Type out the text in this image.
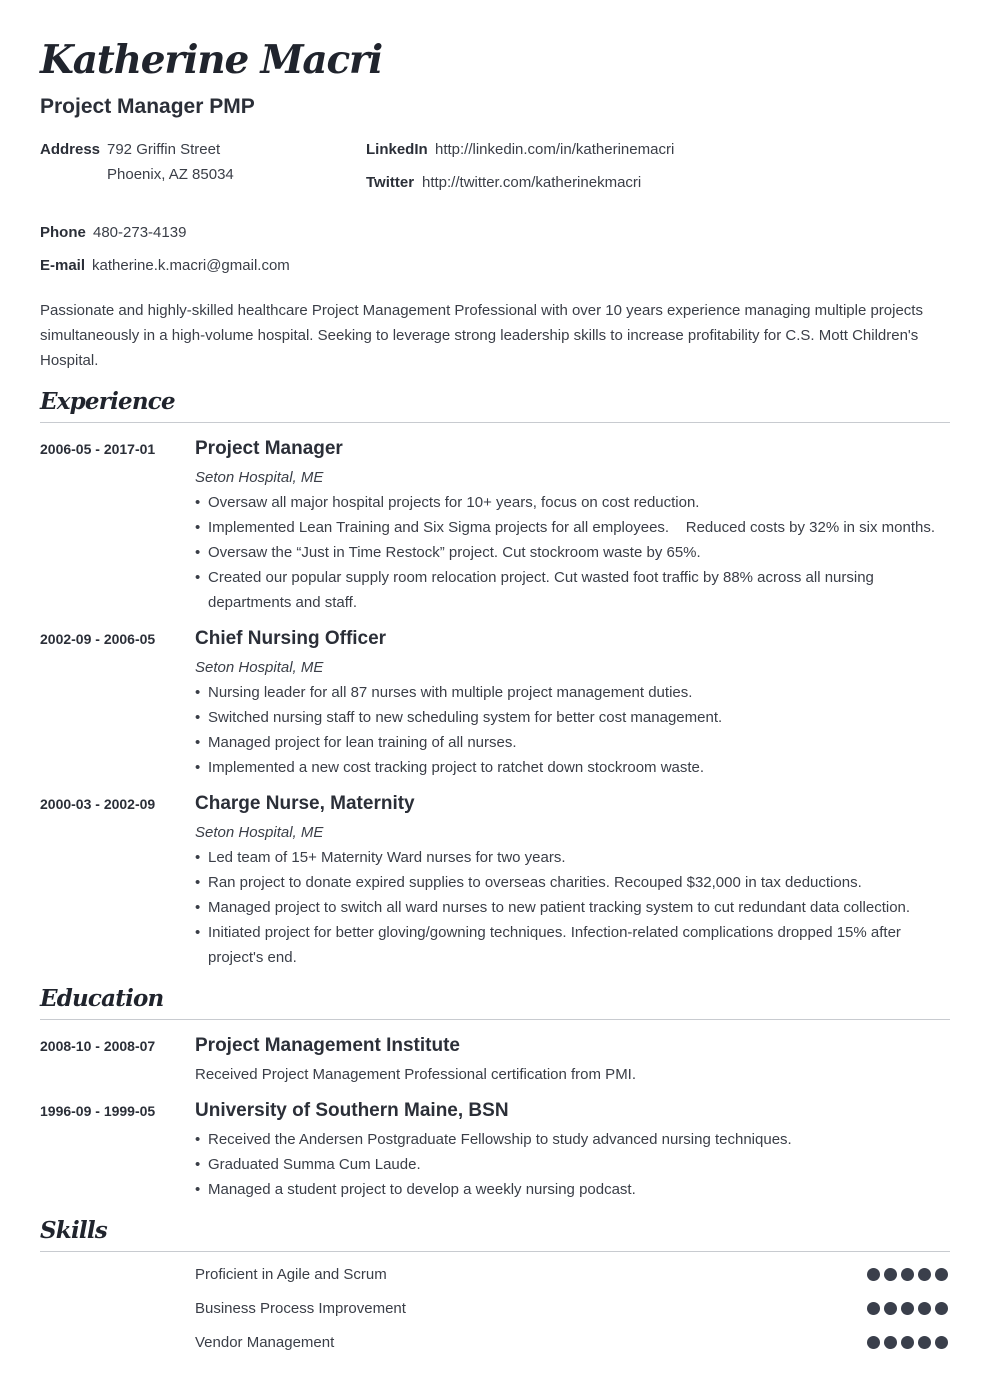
Katherine Macri
Project Manager PMP
Address 792 Griffin Street
Phoenix, AZ 85034
LinkedIn http://linkedin.com/in/katherinemacri
Twitter http://twitter.com/katherinekmacri
Phone 480-273-4139
E-mail katherine.k.macri@gmail.com

Passionate and highly-skilled healthcare Project Management Professional with over 10 years experience managing multiple projects simultaneously in a high-volume hospital. Seeking to leverage strong leadership skills to increase profitability for C.S. Mott Children's Hospital.

Experience
2006-05 - 2017-01 Project Manager
Seton Hospital, ME
• Oversaw all major hospital projects for 10+ years, focus on cost reduction.
• Implemented Lean Training and Six Sigma projects for all employees.    Reduced costs by 32% in six months.
• Oversaw the “Just in Time Restock” project. Cut stockroom waste by 65%.
• Created our popular supply room relocation project. Cut wasted foot traffic by 88% across all nursing departments and staff.
2002-09 - 2006-05 Chief Nursing Officer
Seton Hospital, ME
• Nursing leader for all 87 nurses with multiple project management duties.
• Switched nursing staff to new scheduling system for better cost management.
• Managed project for lean training of all nurses.
• Implemented a new cost tracking project to ratchet down stockroom waste.
2000-03 - 2002-09 Charge Nurse, Maternity
Seton Hospital, ME
• Led team of 15+ Maternity Ward nurses for two years.
• Ran project to donate expired supplies to overseas charities. Recouped $32,000 in tax deductions.
• Managed project to switch all ward nurses to new patient tracking system to cut redundant data collection.
• Initiated project for better gloving/gowning techniques. Infection-related complications dropped 15% after project's end.
Education
2008-10 - 2008-07 Project Management Institute
Received Project Management Professional certification from PMI.
1996-09 - 1999-05 University of Southern Maine, BSN
• Received the Andersen Postgraduate Fellowship to study advanced nursing techniques.
• Graduated Summa Cum Laude.
• Managed a student project to develop a weekly nursing podcast.
Skills
Proficient in Agile and Scrum
Business Process Improvement
Vendor Management
